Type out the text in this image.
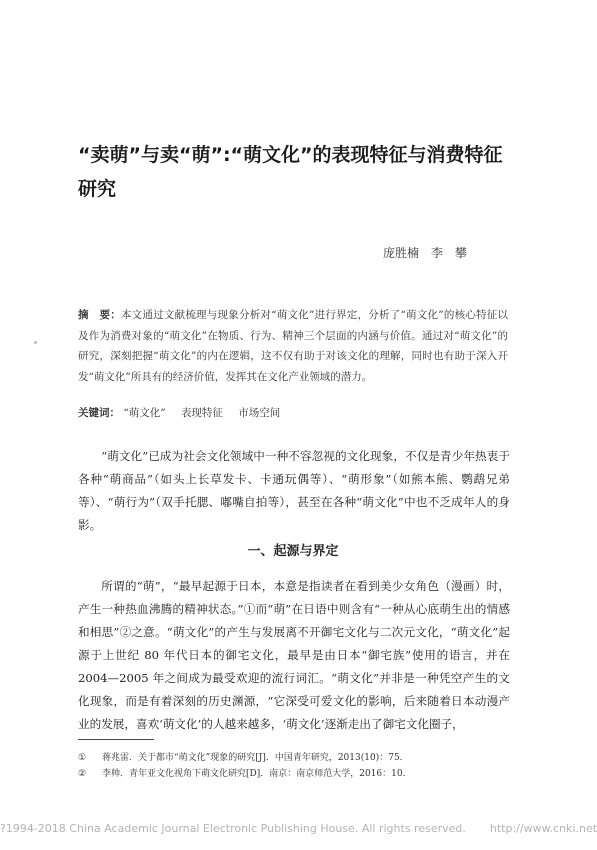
“卖萌”与卖“萌”:“萌文化”的表现特征与消费特征研究
庞胜楠　李　攀
摘　要：本文通过文献梳理与现象分析对“萌文化”进行界定，分析了“萌文化”的核心特征以及作为消费对象的“萌文化”在物质、行为、精神三个层面的内涵与价值。通过对“萌文化”的研究，深刻把握“萌文化”的内在逻辑，这不仅有助于对该文化的理解，同时也有助于深入开发“萌文化”所具有的经济价值，发挥其在文化产业领域的潜力。
关键词： “萌文化” 表现特征 市场空间

“萌文化”已成为社会文化领域中一种不容忽视的文化现象，不仅是青少年热衷于各种“萌商品”（如头上长草发卡、卡通玩偶等）、“萌形象”（如熊本熊、鹦鹉兄弟等）、“萌行为”（双手托腮、嘟嘴自拍等），甚至在各种“萌文化”中也不乏成年人的身影。

一、起源与界定

所谓的“萌”，“最早起源于日本，本意是指读者在看到美少女角色（漫画）时，产生一种热血沸腾的精神状态。”①而“萌”在日语中则含有“一种从心底萌生出的情感和相思”②之意。“萌文化”的产生与发展离不开御宅文化与二次元文化，“萌文化”起源于上世纪 80 年代日本的御宅文化，最早是由日本“御宅族”使用的语言，并在 2004—2005 年之间成为最受欢迎的流行词汇。“萌文化”并非是一种凭空产生的文化现象，而是有着深刻的历史渊源，“它深受可爱文化的影响，后来随着日本动漫产业的发展，喜欢‘萌文化’的人越来越多，‘萌文化’逐渐走出了御宅文化圈子，

① 蒋兆雷．关于都市“萌文化”现象的研究[J]．中国青年研究，2013(10)：75．
② 李帅．青年亚文化视角下萌文化研究[D]．南京：南京师范大学，2016：10．
?1994-2018 China Academic Journal Electronic Publishing House. All rights reserved. http://www.cnki.net
